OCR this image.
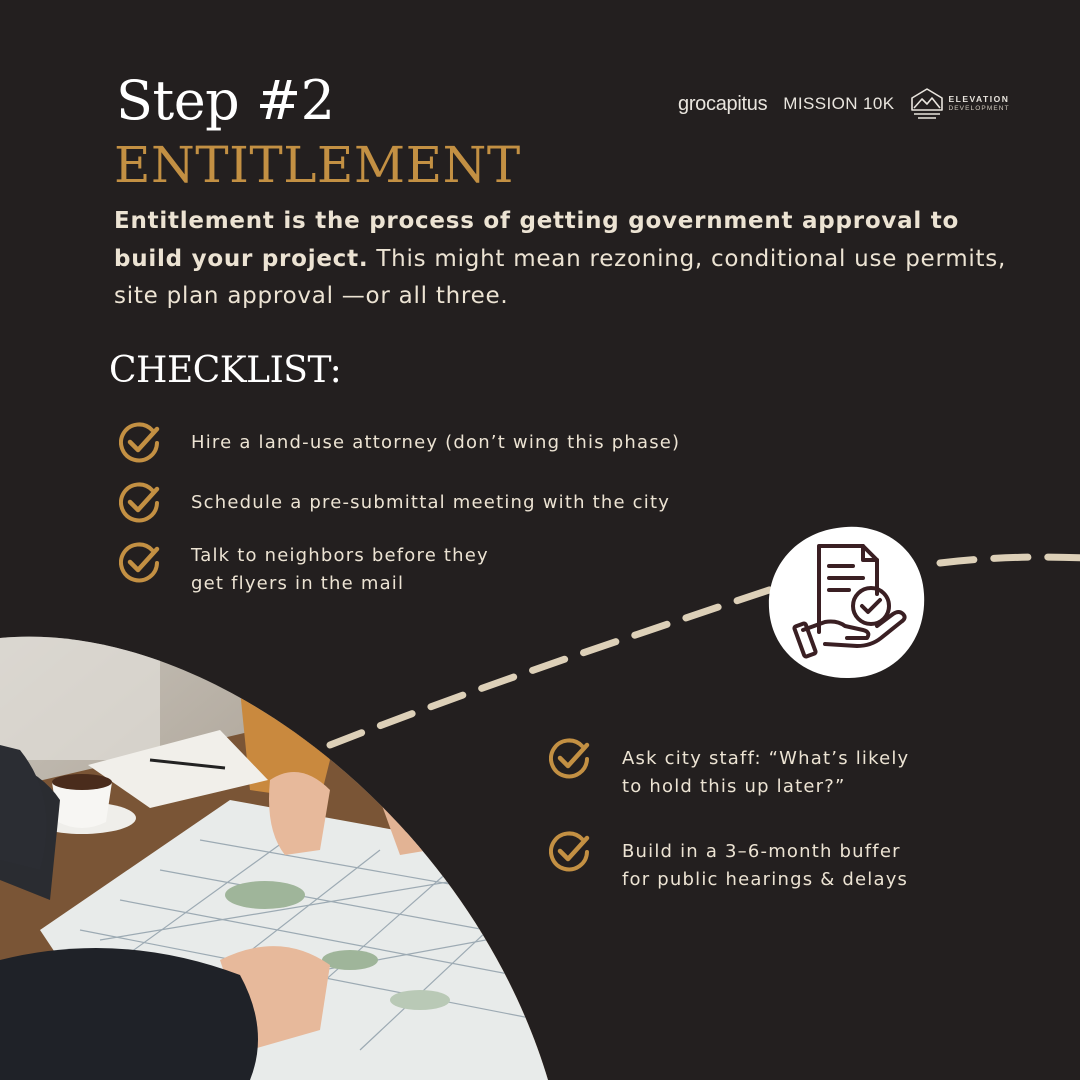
Step #2
ENTITLEMENT
grocapitus MISSION 10K	ELEVATION
DEVELOPMENT

Entitlement is the process of getting government approval to build your project. This might mean rezoning, conditional use permits, site plan approval —or all three.

CHECKLIST:
Hire a land-use attorney (don’t wing this phase)
Schedule a pre-submittal meeting with the city
Talk to neighbors before they
get flyers in the mail
Ask city staff: “What’s likely
to hold this up later?”
Build in a 3–6-month buffer
for public hearings & delays
